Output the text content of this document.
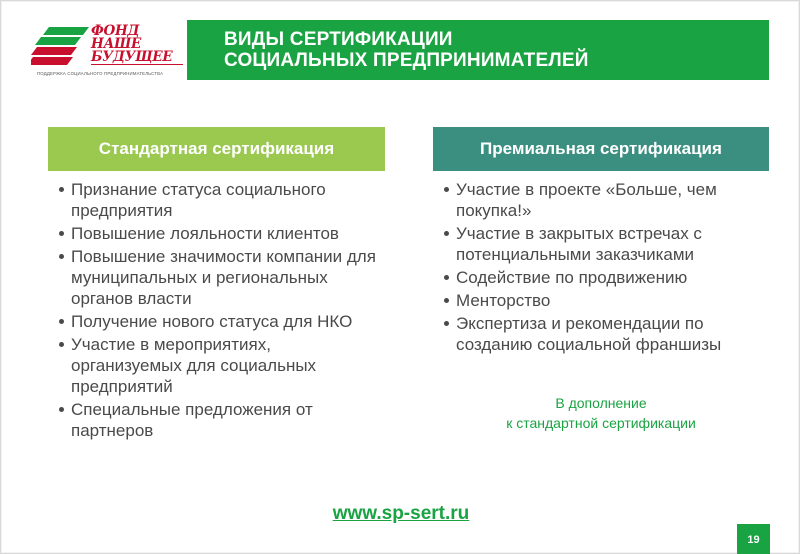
ФОНД
НАШЕ
БУДУЩЕЕ
ПОДДЕРЖКА СОЦИАЛЬНОГО ПРЕДПРИНИМАТЕЛЬСТВА
ВИДЫ СЕРТИФИКАЦИИ
СОЦИАЛЬНЫХ ПРЕДПРИНИМАТЕЛЕЙ
Стандартная сертификация	Премиальная сертификация
Признание статуса социального предприятия
Повышение лояльности клиентов
Повышение значимости компании для муниципальных и региональных органов власти
Получение нового статуса для НКО
Участие в мероприятиях, организуемых для социальных предприятий
Специальные предложения от партнеров
Участие в проекте «Больше, чем покупка!»
Участие в закрытых встречах с потенциальными заказчиками
Содействие по продвижению
Менторство
Экспертиза и рекомендации по созданию социальной франшизы
В дополнение
к стандартной сертификации
www.sp-sert.ru
19
